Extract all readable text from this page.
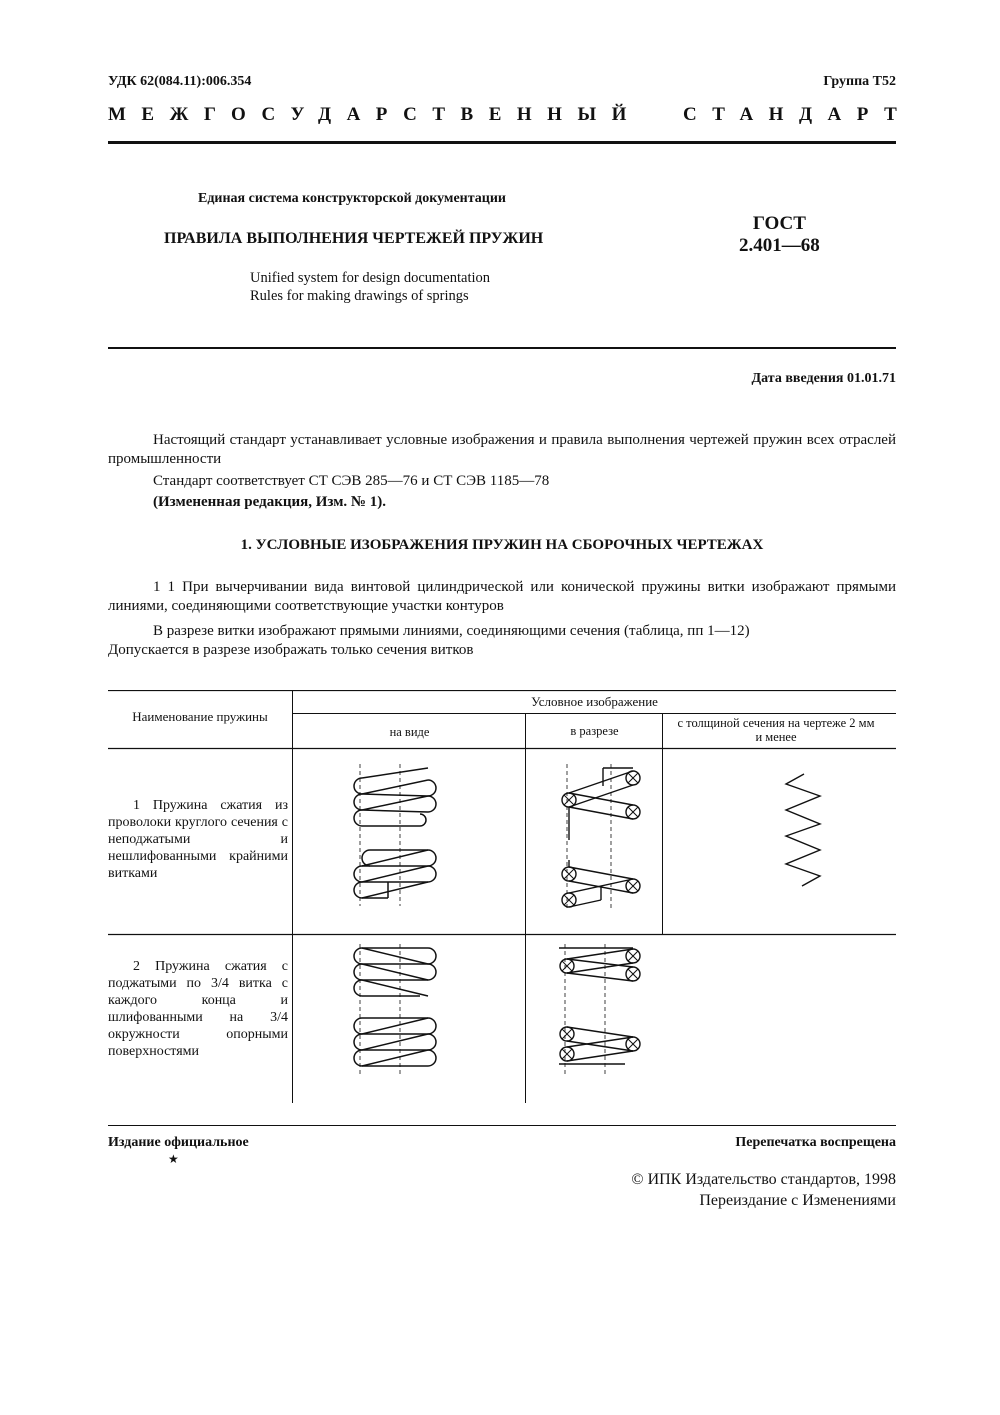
УДК 62(084.11):006.354	Группа Т52
МЕЖГОСУДАРСТВЕННЫЙ СТАНДАРТ
Единая система конструкторской документации
ПРАВИЛА ВЫПОЛНЕНИЯ ЧЕРТЕЖЕЙ ПРУЖИН
ГОСТ
2.401—68
Unified system for design documentation
Rules for making drawings of springs
Дата введения 01.01.71
Настоящий стандарт устанавливает условные изображения и правила выполнения чертежей пружин всех отраслей промышленности
Стандарт соответствует СТ СЭВ 285—76 и СТ СЭВ 1185—78
(Измененная редакция, Изм. № 1).
1. УСЛОВНЫЕ ИЗОБРАЖЕНИЯ ПРУЖИН НА СБОРОЧНЫХ ЧЕРТЕЖАХ
1 1 При вычерчивании вида винтовой цилиндрической или конической пружины витки изображают прямыми линиями, соединяющими соответствующие участки контуров
В разрезе витки изображают прямыми линиями, соединяющими сечения (таблица, пп 1—12)
Допускается в разрезе изображать только сечения витков
Наименование пружины
Условное изображение
на виде	в разрезе
с толщиной сечения на чертеже 2 мм и менее
1 Пружина сжатия из проволоки круглого сечения с неподжатыми и нешлифованными крайними витками
2 Пружина сжатия с поджатыми по 3/4 витка с каждого конца и шлифованными на 3/4 окружности опорными поверхностями
Издание официальное
★
Перепечатка воспрещена
© ИПК Издательство стандартов, 1998
Переиздание с Изменениями
